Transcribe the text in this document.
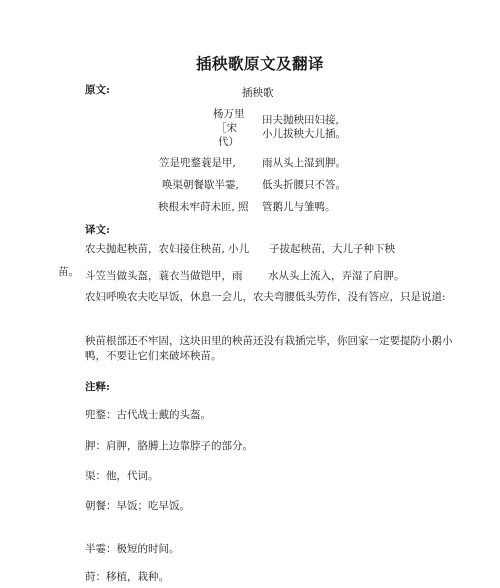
插秧歌原文及翻译
原文:	插秧歌
杨万里
［宋
代）
田夫抛秧田妇接,
小儿拔秧大儿插。
笠是兜鍪蓑是甲, 雨从头上湿到胛。
唤渠朝餐歇半霎, 低头折腰只不答。
秧根未牢莳未匝, 照 管鹅儿与雏鸭。
译文:
农夫抛起秧苗，农妇接住秧苗, 小儿 子拔起秧苗，大儿子种下秧
苗。 斗笠当做头盔，蓑衣当做铠甲，雨 水从头上流入，弄湿了肩胛。
农妇呼唤农夫吃早饭，休息一会儿，农夫弯腰低头劳作，没有答应，只是说道:
秧苗根部还不牢固，这块田里的秧苗还没有栽插完毕，你回家一定要提防小鹅小鸭，不要让它们来破坏秧苗。
注释:
兜鍪：古代战士戴的头盔。
胛：肩胛，胳膊上边靠脖子的部分。
渠：他，代词。
朝餐：早饭；吃早饭。
半霎：极短的时间。
莳：移植，栽种。
